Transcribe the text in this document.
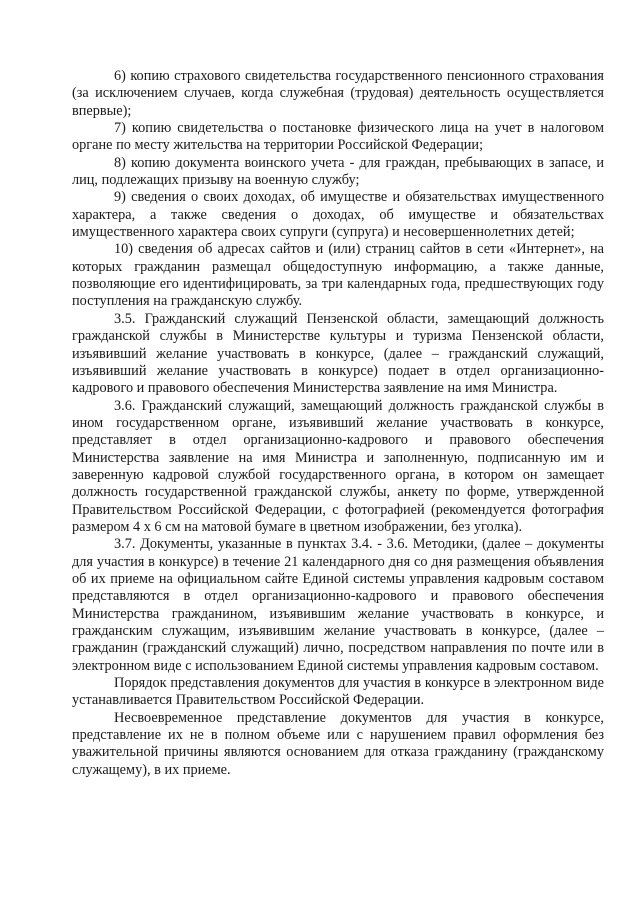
6) копию страхового свидетельства государственного пенсионного страхования (за исключением случаев, когда служебная (трудовая) деятельность осуществляется впервые);

7) копию свидетельства о постановке физического лица на учет в налоговом органе по месту жительства на территории Российской Федерации;

8) копию документа воинского учета - для граждан, пребывающих в запасе, и лиц, подлежащих призыву на военную службу;

9) сведения о своих доходах, об имуществе и обязательствах имущественного характера, а также сведения о доходах, об имуществе и обязательствах имущественного характера своих супруги (супруга) и несовершеннолетних детей;

10) сведения об адресах сайтов и (или) страниц сайтов в сети «Интернет», на которых гражданин размещал общедоступную информацию, а также данные, позволяющие его идентифицировать, за три календарных года, предшествующих году поступления на гражданскую службу.

3.5. Гражданский служащий Пензенской области, замещающий должность гражданской службы в Министерстве культуры и туризма Пензенской области, изъявивший желание участвовать в конкурсе, (далее – гражданский служащий, изъявивший желание участвовать в конкурсе) подает в отдел организационно-кадрового и правового обеспечения Министерства заявление на имя Министра.

3.6. Гражданский служащий, замещающий должность гражданской службы в ином государственном органе, изъявивший желание участвовать в конкурсе, представляет в отдел организационно-кадрового и правового обеспечения Министерства заявление на имя Министра и заполненную, подписанную им и заверенную кадровой службой государственного органа, в котором он замещает должность государственной гражданской службы, анкету по форме, утвержденной Правительством Российской Федерации, с фотографией (рекомендуется фотография размером 4 х 6 см на матовой бумаге в цветном изображении, без уголка).

3.7. Документы, указанные в пунктах 3.4. - 3.6. Методики, (далее – документы для участия в конкурсе) в течение 21 календарного дня со дня размещения объявления об их приеме на официальном сайте Единой системы управления кадровым составом представляются в отдел организационно-кадрового и правового обеспечения Министерства гражданином, изъявившим желание участвовать в конкурсе, и гражданским служащим, изъявившим желание участвовать в конкурсе, (далее – гражданин (гражданский служащий) лично, посредством направления по почте или в электронном виде с использованием Единой системы управления кадровым составом.

Порядок представления документов для участия в конкурсе в электронном виде устанавливается Правительством Российской Федерации.

Несвоевременное представление документов для участия в конкурсе, представление их не в полном объеме или с нарушением правил оформления без уважительной причины являются основанием для отказа гражданину (гражданскому служащему), в их приеме.
